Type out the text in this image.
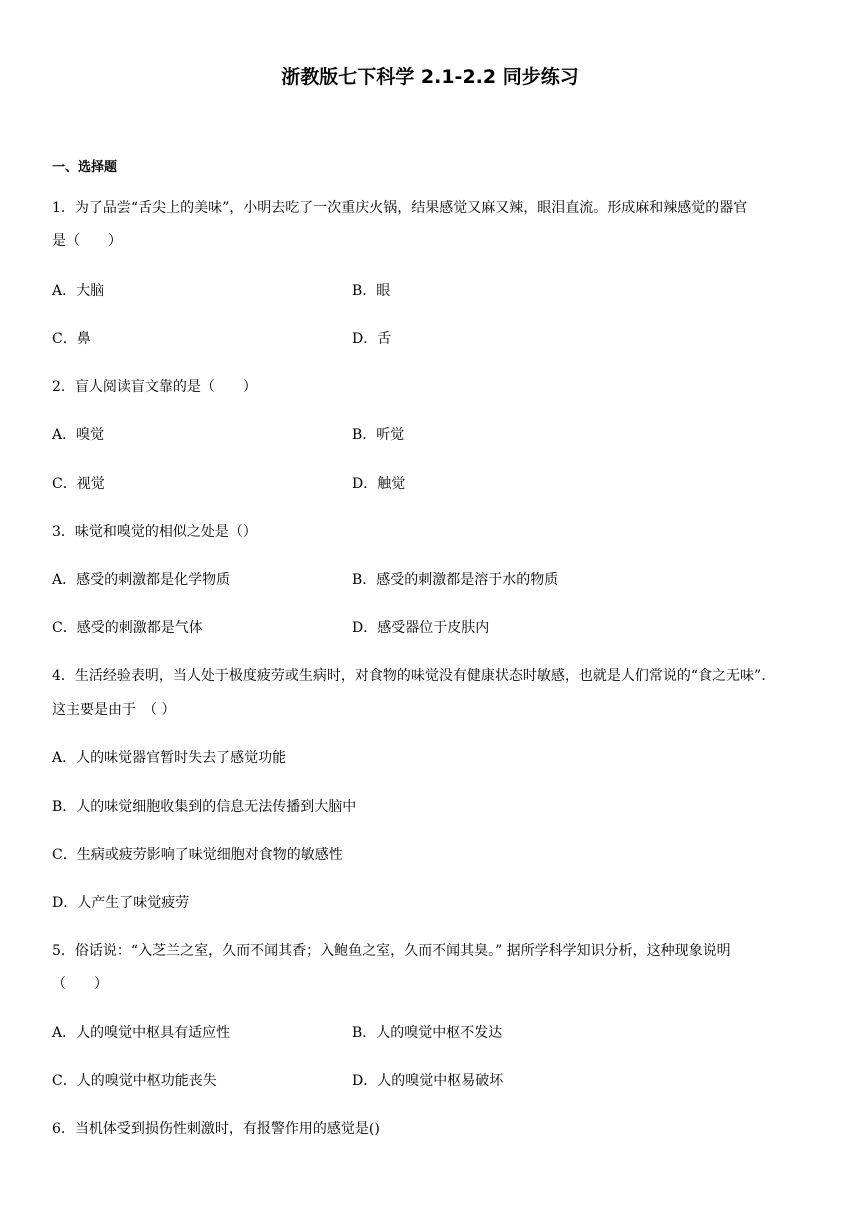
浙教版七下科学 2.1-2.2 同步练习
一、选择题
1．为了品尝“舌尖上的美味”，小明去吃了一次重庆火锅，结果感觉又麻又辣，眼泪直流。形成麻和辣感觉的器官
是（　　）
A．大脑	B．眼
C．鼻	D．舌
2．盲人阅读盲文靠的是（　　）
A．嗅觉	B．听觉
C．视觉	D．触觉
3．味觉和嗅觉的相似之处是（）
A．感受的刺激都是化学物质	B．感受的刺激都是溶于水的物质
C．感受的刺激都是气体	D．感受器位于皮肤内
4．生活经验表明，当人处于极度疲劳或生病时，对食物的味觉没有健康状态时敏感，也就是人们常说的“食之无味”.
这主要是由于　（ ）
A．人的味觉器官暂时失去了感觉功能
B．人的味觉细胞收集到的信息无法传播到大脑中
C．生病或疲劳影响了味觉细胞对食物的敏感性
D．人产生了味觉疲劳
5．俗话说：“入芝兰之室，久而不闻其香；入鲍鱼之室，久而不闻其臭。” 据所学科学知识分析，这种现象说明
（　　）
A．人的嗅觉中枢具有适应性	B．人的嗅觉中枢不发达
C．人的嗅觉中枢功能丧失	D．人的嗅觉中枢易破坏
6．当机体受到损伤性刺激时，有报警作用的感觉是()
